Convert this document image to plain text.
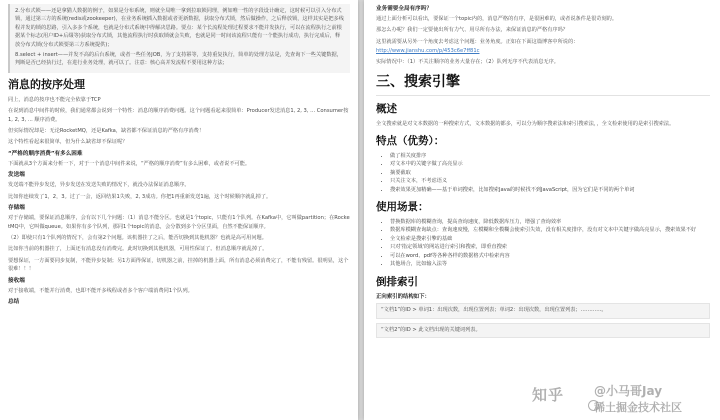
2.分布式锁——还是拿猫人数据的例子，如果是分布系统，则就全局唯一拿到拉取锁同理，例如唯一性的字段设计确定，这时候可以引入分布式锁，通过第三方的系统(redis或zookeeper)，在业务系统插入数据或者更新数据，获取分布式锁，然后做操作，之后释放锁，这样其实是把多线程并发的锁的思路，引入多多个系统，也就是分布式系统中得解决思路。要点：某个长流程处理过程要求不能并发执行，可以在流程执行之前根据某个标志(用户ID+后缀等)获取分布式锁，其他流程执行时获取锁就会失败，也就是同一时间该流程只能有一个能执行成功，执行完成后，释放分布式锁(分布式锁要第三方系统提供)；

8.select + insert——并发不高的后台系统，或者一些任务JOB，为了支持幂等，支持重复执行，简单的处理方法是，先查询下一些关键数据，判断是否已经执行过，在进行业务处理，就可以了。注意：核心高并发流程不要用这种方法；

消息的按序处理

同上，消息的按序也不能完全依靠于TCP

在说到消息中间件的时候，我们通常都会说到一个特性：消息的顺序消费问题。这个问题看起来很简单：Producer发送消息1, 2, 3, ... Consumer按1, 2, 3, ... 顺序消费。

但实际情况却是：无论RocketMQ，还是Kafka，缺省都不保证消息的严格有序消费！

这个特性看起来很简单，但为什么缺省却不保证呢？

“严格的顺序消费”有多么困难

下面就从3个方面来分析一下，对于一个消息中间件来说，“严格的顺序消费”有多么困难，或者说不可能。

发送端

发送端不能异步发送，异步发送在发送失败的情况下，就没办法保证消息顺序。

比如你连续发了1，2，3。过了一会，返回结果1失败，2, 3成功。你把1再重新发送1遍，这个时候顺序就乱掉了。

存储端

对于存储端，要保证消息顺序，会有以下几个问题：（1）消息不能分区。也就是1个topic，只能有1个队列。在Kafka中，它叫做partition；在RocketMQ中，它叫做queue。如果你有多个队列，那同1个topic的消息，会分散到多个分区里面，自然不能保证顺序。

（2）即使只有1个队列的情况下，会有第2个问题。该机器挂了之后，能否切换到其他机器？也就是高可用问题。

比如你当前的机器挂了，上面还有消息没有消费完。此时切换到其他机器，可用性保证了。但消息顺序就乱掉了。

要想保证，一方面要同步复制，不能异步复制；另1方面得保证，切机器之前，挂掉的机器上面，所有消息必须消费完了，不能有残留。很明显，这个很难！！！

接收端

对于接收端，不能并行消费，也即不能开多线程或者多个客户端消费同1个队列。

总结
业务需要全局有序吗？

通过上面分析可以看出，要保证一个topic内的，消息严格的有序，是很困难的，或者说条件是很苛刻的。

那怎么办呢？我们一定要使出所有力气、用尽所有办法，来保证消息的严格有序吗？

这里就需要从另外一个角度去考虑这个问题：业务角度。正如在下面这篇博客中所说的：

http://www.jianshu.com/p/453c6e7ff81c

实际情况中：（1）不关注顺序的业务大量存在；（2）队列无序不代表消息无序。

三、搜索引擎
概述

全文搜索就是对文本数据的一种搜索方式，文本数据的都多，可以分为顺序搜索法和索引搜索法，，全文检索使用的是索引搜索法。

特点（优势）：
• 做了相关度排序
• 对文本中的关键字做了高亮显示
• 摘要截取
• 只关注文本，不考虑语义
• 搜索效果更加精确——基于单词搜索，比如搜索Java的时候找不到JavaScript，因为它们是不同的两个单词
使用场景：
• 替换数据库的模糊查询，提高查询速度，降低数据库压力，增强了查询效率
• 数据库模糊查询缺点：查询速度慢，左模糊和全模糊会使索引失效，没有相关度排序，没有对文本中关键字做高亮显示，搜索效果不好
• 全文检索是搜索引擎的基础
• 只对'指定领域'的网站进行索引和搜索，即垂直搜索
• 可以在word、pdf等各种各样的数据格式中检索内容
• 其他场合，比如输入法等
倒排索引
正向索引的结构如下：

“文档1”的ID > 单词1：出现次数，出现位置列表；单词2：出现次数，出现位置列表；…………。

“文档2”的ID > 此文档出现的关键词列表。

知乎 @小马哥Jay
稀土掘金技术社区
